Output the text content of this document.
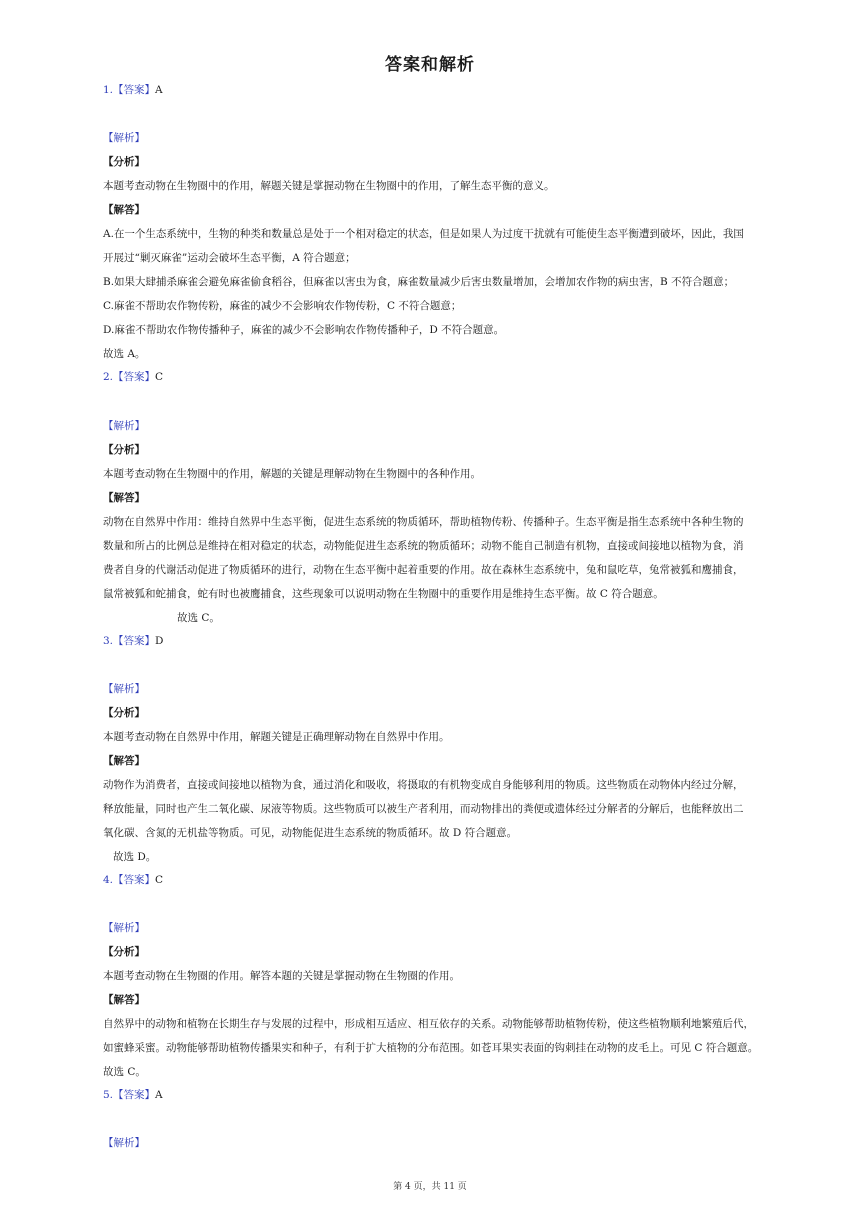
答案和解析
1.【答案】A
【解析】
【分析】
本题考查动物在生物圈中的作用，解题关键是掌握动物在生物圈中的作用，了解生态平衡的意义。
【解答】
A.在一个生态系统中，生物的种类和数量总是处于一个相对稳定的状态，但是如果人为过度干扰就有可能使生态平衡遭到破坏，因此，我国
开展过“剿灭麻雀”运动会破坏生态平衡，A 符合题意；
B.如果大肆捕杀麻雀会避免麻雀偷食稻谷，但麻雀以害虫为食，麻雀数量减少后害虫数量增加，会增加农作物的病虫害，B 不符合题意；
C.麻雀不帮助农作物传粉，麻雀的减少不会影响农作物传粉，C 不符合题意；
D.麻雀不帮助农作物传播种子，麻雀的减少不会影响农作物传播种子，D 不符合题意。
故选 A。
2.【答案】C
【解析】
【分析】
本题考查动物在生物圈中的作用，解题的关键是理解动物在生物圈中的各种作用。
【解答】
动物在自然界中作用：维持自然界中生态平衡，促进生态系统的物质循环，帮助植物传粉、传播种子。生态平衡是指生态系统中各种生物的
数量和所占的比例总是维持在相对稳定的状态，动物能促进生态系统的物质循环；动物不能自己制造有机物，直接或间接地以植物为食，消
费者自身的代谢活动促进了物质循环的进行，动物在生态平衡中起着重要的作用。故在森林生态系统中，兔和鼠吃草，兔常被狐和鹰捕食，
鼠常被狐和蛇捕食，蛇有时也被鹰捕食，这些现象可以说明动物在生物圈中的重要作用是维持生态平衡。故 C 符合题意。
故选 C。
3.【答案】D
【解析】
【分析】
本题考查动物在自然界中作用，解题关键是正确理解动物在自然界中作用。
【解答】
动物作为消费者，直接或间接地以植物为食，通过消化和吸收，将摄取的有机物变成自身能够利用的物质。这些物质在动物体内经过分解，
释放能量，同时也产生二氧化碳、尿液等物质。这些物质可以被生产者利用，而动物排出的粪便或遗体经过分解者的分解后，也能释放出二
氧化碳、含氮的无机盐等物质。可见，动物能促进生态系统的物质循环。故 D 符合题意。
故选 D。
4.【答案】C
【解析】
【分析】
本题考查动物在生物圈的作用。解答本题的关键是掌握动物在生物圈的作用。
【解答】
自然界中的动物和植物在长期生存与发展的过程中，形成相互适应、相互依存的关系。动物能够帮助植物传粉，使这些植物顺利地繁殖后代，
如蜜蜂采蜜。动物能够帮助植物传播果实和种子，有利于扩大植物的分布范围。如苍耳果实表面的钩刺挂在动物的皮毛上。可见 C 符合题意。
故选 C。
5.【答案】A
【解析】
第 4 页，共 11 页
